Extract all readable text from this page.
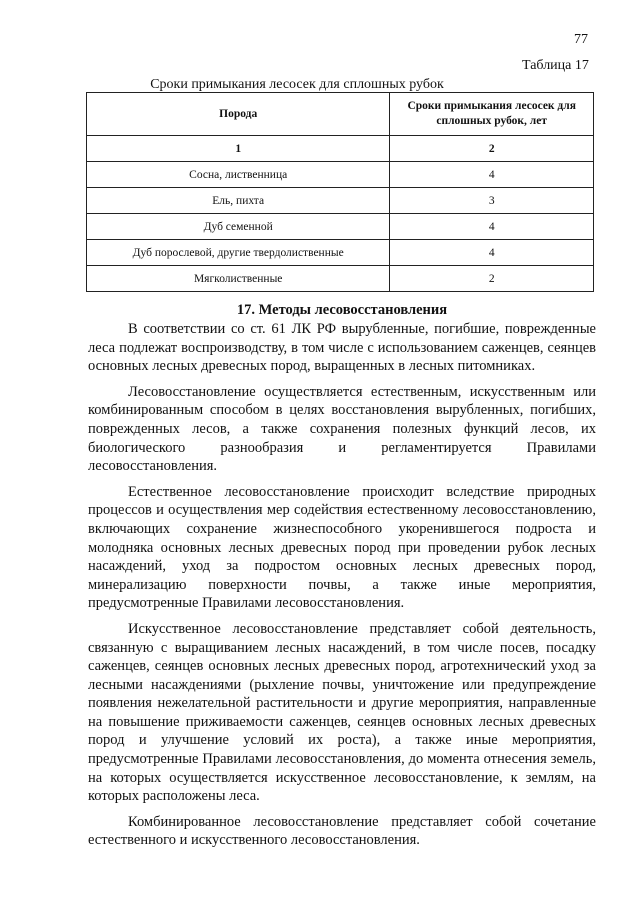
77
Таблица 17
Сроки примыкания лесосек для сплошных рубок
Порода	Сроки примыкания лесосек для сплошных рубок, лет
1	2
Сосна, лиственница	4
Ель, пихта	3
Дуб семенной	4
Дуб порослевой, другие твердолиственные	4
Мягколиственные	2
17. Методы лесовосстановления

В соответствии со ст. 61 ЛК РФ вырубленные, погибшие, поврежденные леса подлежат воспроизводству, в том числе с использованием саженцев, сеянцев основных лесных древесных пород, выращенных в лесных питомниках.

Лесовосстановление осуществляется естественным, искусственным или комбинированным способом в целях восстановления вырубленных, погибших, поврежденных лесов, а также сохранения полезных функций лесов, их биологического разнообразия и регламентируется Правилами лесовосстановления.

Естественное лесовосстановление происходит вследствие природных процессов и осуществления мер содействия естественному лесовосстановлению, включающих сохранение жизнеспособного укоренившегося подроста и молодняка основных лесных древесных пород при проведении рубок лесных насаждений, уход за подростом основных лесных древесных пород, минерализацию поверхности почвы, а также иные мероприятия, предусмотренные Правилами лесовосстановления.

Искусственное лесовосстановление представляет собой деятельность, связанную с выращиванием лесных насаждений, в том числе посев, посадку саженцев, сеянцев основных лесных древесных пород, агротехнический уход за лесными насаждениями (рыхление почвы, уничтожение или предупреждение появления нежелательной растительности и другие мероприятия, направленные на повышение приживаемости саженцев, сеянцев основных лесных древесных пород и улучшение условий их роста), а также иные мероприятия, предусмотренные Правилами лесовосстановления, до момента отнесения земель, на которых осуществляется искусственное лесовосстановление, к землям, на которых расположены леса.

Комбинированное лесовосстановление представляет собой сочетание естественного и искусственного лесовосстановления.
